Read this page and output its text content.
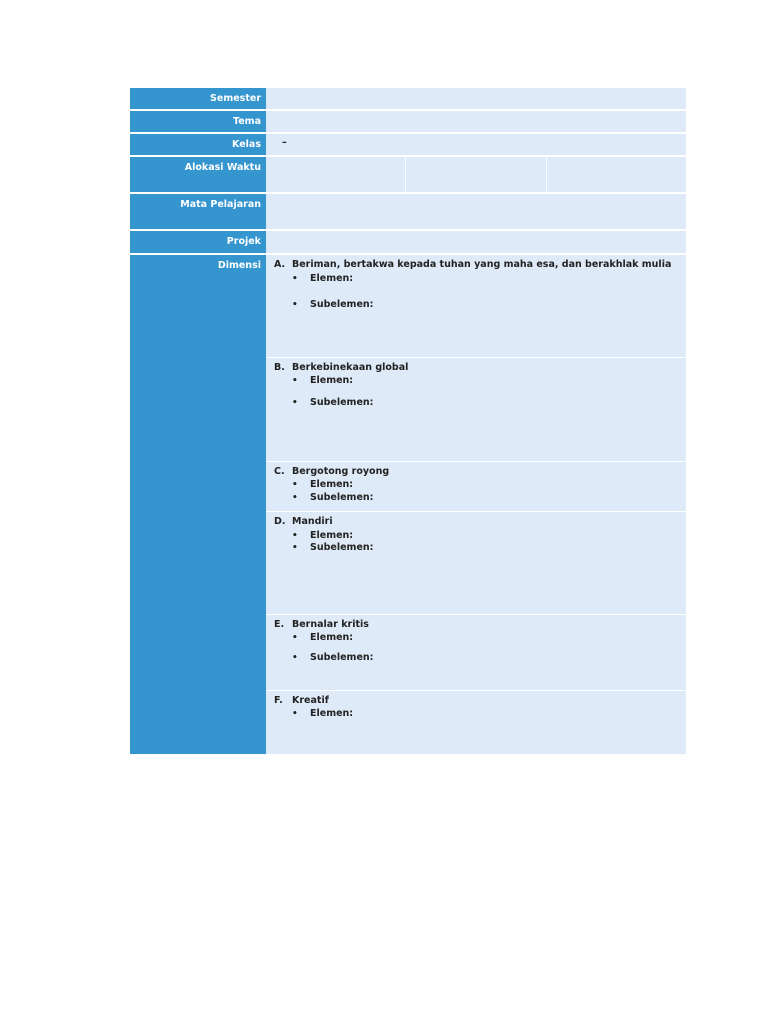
Semester
Tema
Kelas	–
Alokasi Waktu
Mata Pelajaran
Projek
Dimensi	A. Beriman, bertakwa kepada tuhan yang maha esa, dan berakhlak mulia
•	Elemen:
•	Subelemen:
B. Berkebinekaan global
•	Elemen:
•	Subelemen:
C. Bergotong royong
•	Elemen:
•	Subelemen:
D. Mandiri
•	Elemen:
•	Subelemen:
E. Bernalar kritis
•	Elemen:
•	Subelemen:
F. Kreatif
•	Elemen:
